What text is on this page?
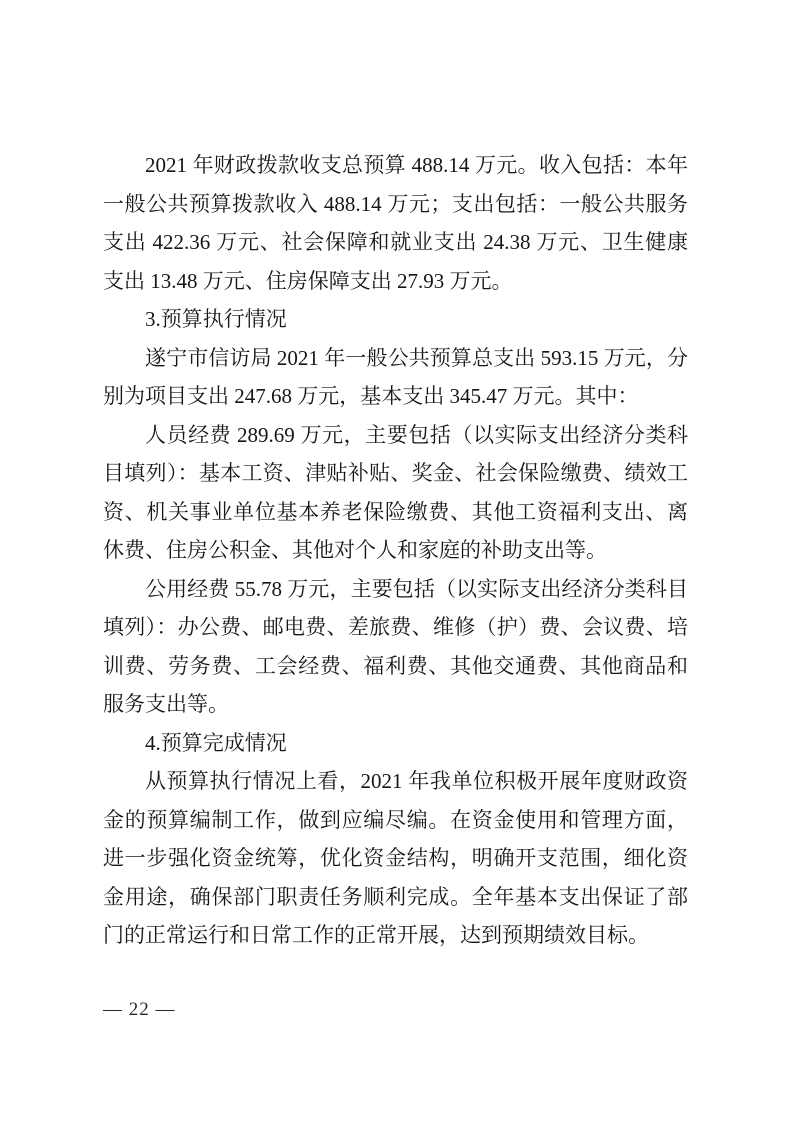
2021 年财政拨款收支总预算 488.14 万元。收入包括：本年一般公共预算拨款收入 488.14 万元；支出包括：一般公共服务支出 422.36 万元、社会保障和就业支出 24.38 万元、卫生健康支出 13.48 万元、住房保障支出 27.93 万元。

3.预算执行情况

遂宁市信访局 2021 年一般公共预算总支出 593.15 万元，分别为项目支出 247.68 万元，基本支出 345.47 万元。其中：

人员经费 289.69 万元，主要包括（以实际支出经济分类科目填列）：基本工资、津贴补贴、奖金、社会保险缴费、绩效工资、机关事业单位基本养老保险缴费、其他工资福利支出、离休费、住房公积金、其他对个人和家庭的补助支出等。

公用经费 55.78 万元，主要包括（以实际支出经济分类科目填列）：办公费、邮电费、差旅费、维修（护）费、会议费、培训费、劳务费、工会经费、福利费、其他交通费、其他商品和服务支出等。

4.预算完成情况

从预算执行情况上看，2021 年我单位积极开展年度财政资金的预算编制工作，做到应编尽编。在资金使用和管理方面，进一步强化资金统筹，优化资金结构，明确开支范围，细化资金用途，确保部门职责任务顺利完成。全年基本支出保证了部门的正常运行和日常工作的正常开展，达到预期绩效目标。

— 22 —
